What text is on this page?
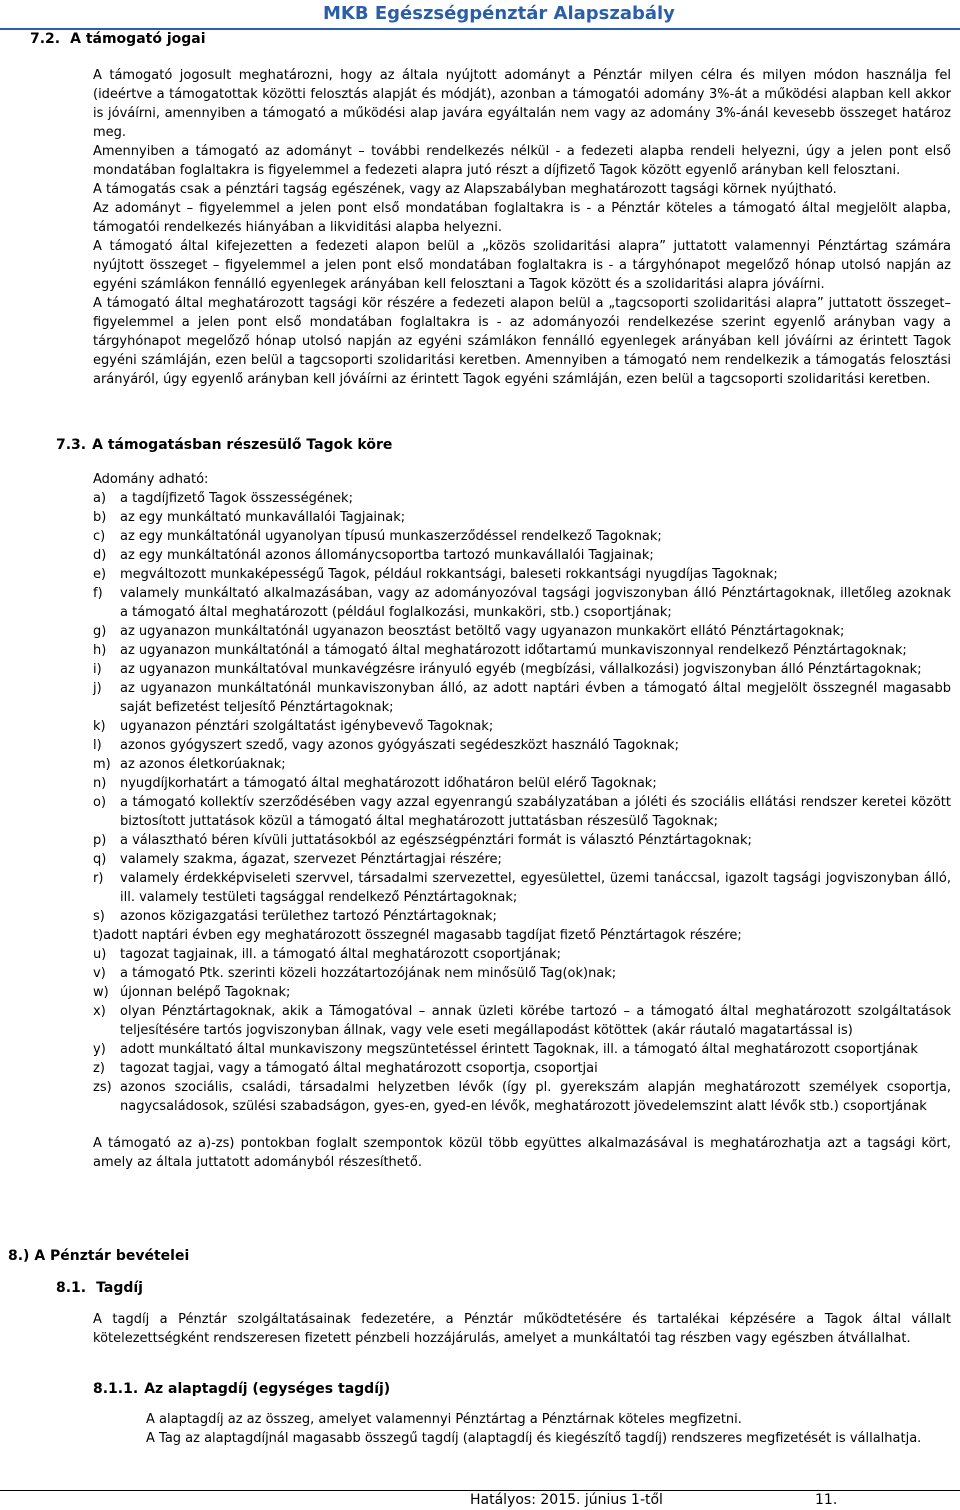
7.2. A támogató jogai
MKB Egészségpénztár Alapszabály

A támogató jogosult meghatározni, hogy az általa nyújtott adományt a Pénztár milyen célra és milyen módon használja fel (ideértve a támogatottak közötti felosztás alapját és módját), azonban a támogatói adomány 3%-át a működési alapban kell akkor is jóváírni, amennyiben a támogató a működési alap javára egyáltalán nem vagy az adomány 3%-ánál kevesebb összeget határoz meg.

Amennyiben a támogató az adományt – további rendelkezés nélkül - a fedezeti alapba rendeli helyezni, úgy a jelen pont első mondatában foglaltakra is figyelemmel a fedezeti alapra jutó részt a díjfizető Tagok között egyenlő arányban kell felosztani.

A támogatás csak a pénztári tagság egészének, vagy az Alapszabályban meghatározott tagsági körnek nyújtható.

Az adományt – figyelemmel a jelen pont első mondatában foglaltakra is - a Pénztár köteles a támogató által megjelölt alapba, támogatói rendelkezés hiányában a likviditási alapba helyezni.

A támogató által kifejezetten a fedezeti alapon belül a „közös szolidaritási alapra” juttatott valamennyi Pénztártag számára nyújtott összeget – figyelemmel a jelen pont első mondatában foglaltakra is - a tárgyhónapot megelőző hónap utolsó napján az egyéni számlákon fennálló egyenlegek arányában kell felosztani a Tagok között és a szolidaritási alapra jóváírni.

A támogató által meghatározott tagsági kör részére a fedezeti alapon belül a „tagcsoporti szolidaritási alapra” juttatott összeget– figyelemmel a jelen pont első mondatában foglaltakra is - az adományozói rendelkezése szerint egyenlő arányban vagy a tárgyhónapot megelőző hónap utolsó napján az egyéni számlákon fennálló egyenlegek arányában kell jóváírni az érintett Tagok egyéni számláján, ezen belül a tagcsoporti szolidaritási keretben. Amennyiben a támogató nem rendelkezik a támogatás felosztási arányáról, úgy egyenlő arányban kell jóváírni az érintett Tagok egyéni számláján, ezen belül a tagcsoporti szolidaritási keretben.

7.3. A támogatásban részesülő Tagok köre
Adomány adható:
a) a tagdíjfizető Tagok összességének;
b) az egy munkáltató munkavállalói Tagjainak;
c) az egy munkáltatónál ugyanolyan típusú munkaszerződéssel rendelkező Tagoknak;
d) az egy munkáltatónál azonos állománycsoportba tartozó munkavállalói Tagjainak;
e) megváltozott munkaképességű Tagok, például rokkantsági, baleseti rokkantsági nyugdíjas Tagoknak;
f) valamely munkáltató alkalmazásában, vagy az adományozóval tagsági jogviszonyban álló Pénztártagoknak, illetőleg azoknak a támogató által meghatározott (például foglalkozási, munkaköri, stb.) csoportjának;
g) az ugyanazon munkáltatónál ugyanazon beosztást betöltő vagy ugyanazon munkakört ellátó Pénztártagoknak;
h) az ugyanazon munkáltatónál a támogató által meghatározott időtartamú munkaviszonnyal rendelkező Pénztártagoknak;
i) az ugyanazon munkáltatóval munkavégzésre irányuló egyéb (megbízási, vállalkozási) jogviszonyban álló Pénztártagoknak;
j) az ugyanazon munkáltatónál munkaviszonyban álló, az adott naptári évben a támogató által megjelölt összegnél magasabb saját befizetést teljesítő Pénztártagoknak;
k) ugyanazon pénztári szolgáltatást igénybevevő Tagoknak;
l) azonos gyógyszert szedő, vagy azonos gyógyászati segédeszközt használó Tagoknak;
m) az azonos életkorúaknak;
n) nyugdíjkorhatárt a támogató által meghatározott időhatáron belül elérő Tagoknak;
o) a támogató kollektív szerződésében vagy azzal egyenrangú szabályzatában a jóléti és szociális ellátási rendszer keretei között biztosított juttatások közül a támogató által meghatározott juttatásban részesülő Tagoknak;
p) a választható béren kívüli juttatásokból az egészségpénztári formát is választó Pénztártagoknak;
q) valamely szakma, ágazat, szervezet Pénztártagjai részére;
r) valamely érdekképviseleti szervvel, társadalmi szervezettel, egyesülettel, üzemi tanáccsal, igazolt tagsági jogviszonyban álló, ill. valamely testületi tagsággal rendelkező Pénztártagoknak;
s) azonos közigazgatási területhez tartozó Pénztártagoknak;
t)adott naptári évben egy meghatározott összegnél magasabb tagdíjat fizető Pénztártagok részére;
u) tagozat tagjainak, ill. a támogató által meghatározott csoportjának;
v) a támogató Ptk. szerinti közeli hozzátartozójának nem minősülő Tag(ok)nak;
w) újonnan belépő Tagoknak;
x) olyan Pénztártagoknak, akik a Támogatóval – annak üzleti körébe tartozó – a támogató által meghatározott szolgáltatások teljesítésére tartós jogviszonyban állnak, vagy vele eseti megállapodást kötöttek (akár ráutaló magatartással is)
y) adott munkáltató által munkaviszony megszüntetéssel érintett Tagoknak, ill. a támogató által meghatározott csoportjának
z) tagozat tagjai, vagy a támogató által meghatározott csoportja, csoportjai
zs) azonos szociális, családi, társadalmi helyzetben lévők (így pl. gyerekszám alapján meghatározott személyek csoportja, nagycsaládosok, szülési szabadságon, gyes-en, gyed-en lévők, meghatározott jövedelemszint alatt lévők stb.) csoportjának
A támogató az a)-zs) pontokban foglalt szempontok közül több együttes alkalmazásával is meghatározhatja azt a tagsági kört, amely az általa juttatott adományból részesíthető.
8.) A Pénztár bevételei
8.1. Tagdíj
A tagdíj a Pénztár szolgáltatásainak fedezetére, a Pénztár működtetésére és tartalékai képzésére a Tagok által vállalt kötelezettségként rendszeresen fizetett pénzbeli hozzájárulás, amelyet a munkáltatói tag részben vagy egészben átvállalhat.
8.1.1. Az alaptagdíj (egységes tagdíj)

A alaptagdíj az az összeg, amelyet valamennyi Pénztártag a Pénztárnak köteles megfizetni.

A Tag az alaptagdíjnál magasabb összegű tagdíj (alaptagdíj és kiegészítő tagdíj) rendszeres megfizetését is vállalhatja.

Hatályos: 2015. június 1-től	11.
